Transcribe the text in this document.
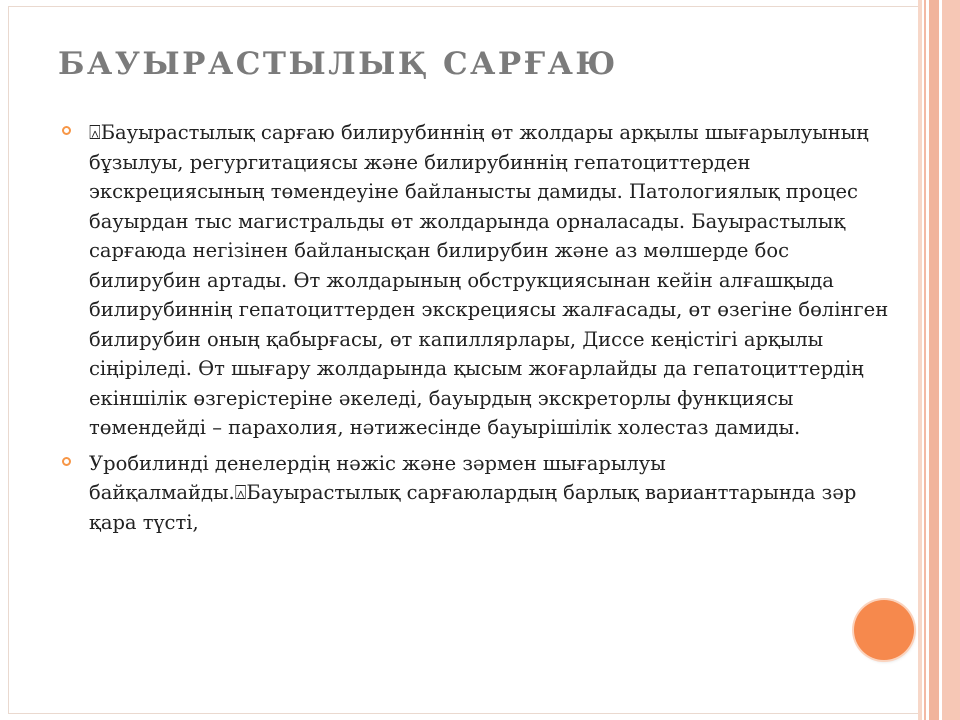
БАУЫРАСТЫЛЫҚ САРҒАЮ
⍓Бауырастылық сарғаю билирубиннің өт жолдары арқылы шығарылуының бұзылуы, регургитациясы және билирубиннің гепатоциттерден экскрециясының төмендеуіне байланысты дамиды. Патологиялық процес бауырдан тыс магистральды өт жолдарында орналасады. Бауырастылық сарғаюда негізінен байланысқан билирубин және аз мөлшерде бос билирубин артады. Өт жолдарының обструкциясынан кейін алғашқыда билирубиннің гепатоциттерден экскрециясы жалғасады, өт өзегіне бөлінген билирубин оның қабырғасы, өт капиллярлары, Диссе кеңістігі арқылы сіңіріледі. Өт шығару жолдарында қысым жоғарлайды да гепатоциттердің екіншілік өзгерістеріне әкеледі, бауырдың экскреторлы функциясы төмендейді – парахолия, нәтижесінде бауырішілік холестаз дамиды.
Уробилинді денелердің нәжіс және зәрмен шығарылуы байқалмайды.⍓Бауырастылық сарғаюлардың барлық варианттарында зәр қара түсті,
